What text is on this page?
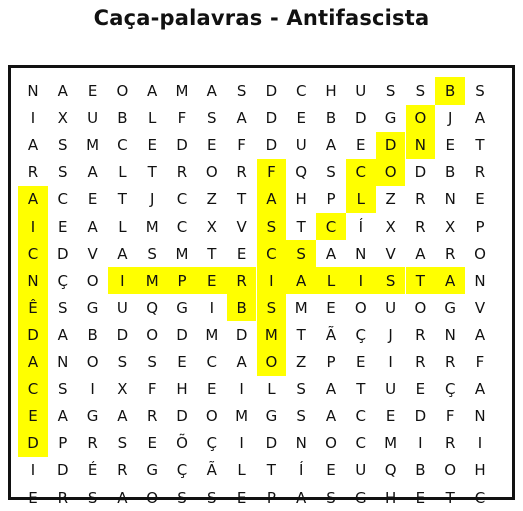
Caça-palavras - Antifascista
N	A	E	O	A	M	A	S	D	C	H	U	S	S	B	S
I	X	U	B	L	F	S	A	D	E	B	D	G	O	J	A
A	S	M	C	E	D	E	F	D	U	A	E	D	N	E	T
R	S	A	L	T	R	O	R	F	Q	S	C	O	D	B	R
A	C	E	T	J	C	Z	T	A	H	P	L	Z	R	N	E
I	E	A	L	M	C	X	V	S	T	C	Í	X	R	X	P
C	D	V	A	S	M	T	E	C	S	A	N	V	A	R	O
N	Ç	O	I	M	P	E	R	I	A	L	I	S	T	A	N
Ê	S	G	U	Q	G	I	B	S	M	E	O	U	O	G	V
D	A	B	D	O	D	M	D	M	T	Ã	Ç	J	R	N	A
A	N	O	S	S	E	C	A	O	Z	P	E	I	R	R	F
C	S	I	X	F	H	E	I	L	S	A	T	U	E	Ç	A
E	A	G	A	R	D	O	M	G	S	A	C	E	D	F	N
D	P	R	S	E	Õ	Ç	I	D	N	O	C	M	I	R	I
I	D	É	R	G	Ç	Ã	L	T	Í	E	U	Q	B	O	H
E	R	S	A	O	S	S	E	P	A	S	G	H	E	T	C
